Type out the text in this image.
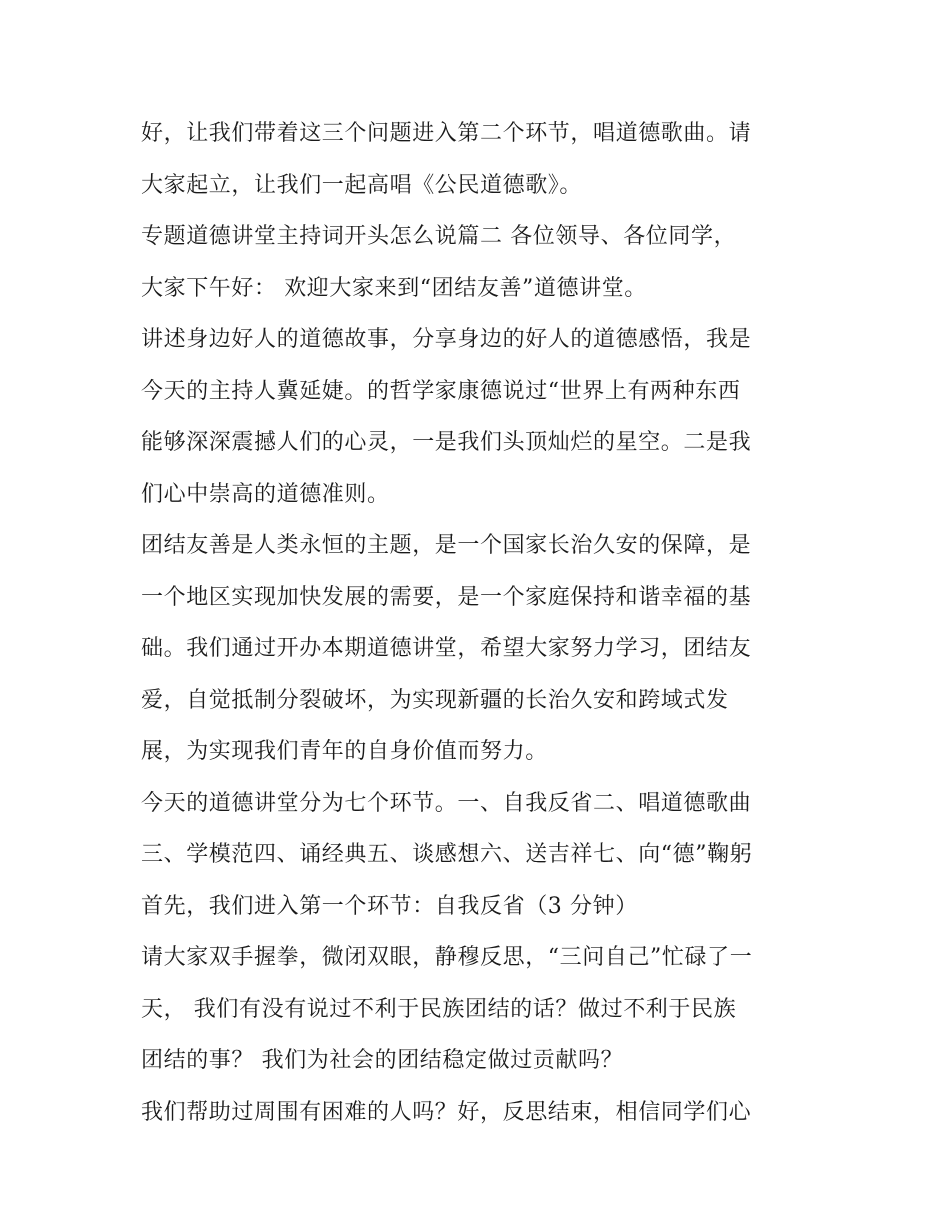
好，让我们带着这三个问题进入第二个环节，唱道德歌曲。请
大家起立，让我们一起高唱《公民道德歌》。
专题道德讲堂主持词开头怎么说篇二 各位领导、各位同学，
大家下午好： 欢迎大家来到“团结友善”道德讲堂。
讲述身边好人的道德故事，分享身边的好人的道德感悟，我是
今天的主持人冀延婕。的哲学家康德说过“世界上有两种东西
能够深深震撼人们的心灵，一是我们头顶灿烂的星空。二是我
们心中崇高的道德准则。
团结友善是人类永恒的主题，是一个国家长治久安的保障，是
一个地区实现加快发展的需要，是一个家庭保持和谐幸福的基
础。我们通过开办本期道德讲堂，希望大家努力学习，团结友
爱，自觉抵制分裂破坏，为实现新疆的长治久安和跨域式发
展，为实现我们青年的自身价值而努力。
今天的道德讲堂分为七个环节。一、自我反省二、唱道德歌曲
三、学模范四、诵经典五、谈感想六、送吉祥七、向“德”鞠躬
首先，我们进入第一个环节：自我反省（3 分钟）
请大家双手握拳，微闭双眼，静穆反思，“三问自己”忙碌了一
天， 我们有没有说过不利于民族团结的话？做过不利于民族
团结的事？ 我们为社会的团结稳定做过贡献吗？
我们帮助过周围有困难的人吗？好，反思结束，相信同学们心
